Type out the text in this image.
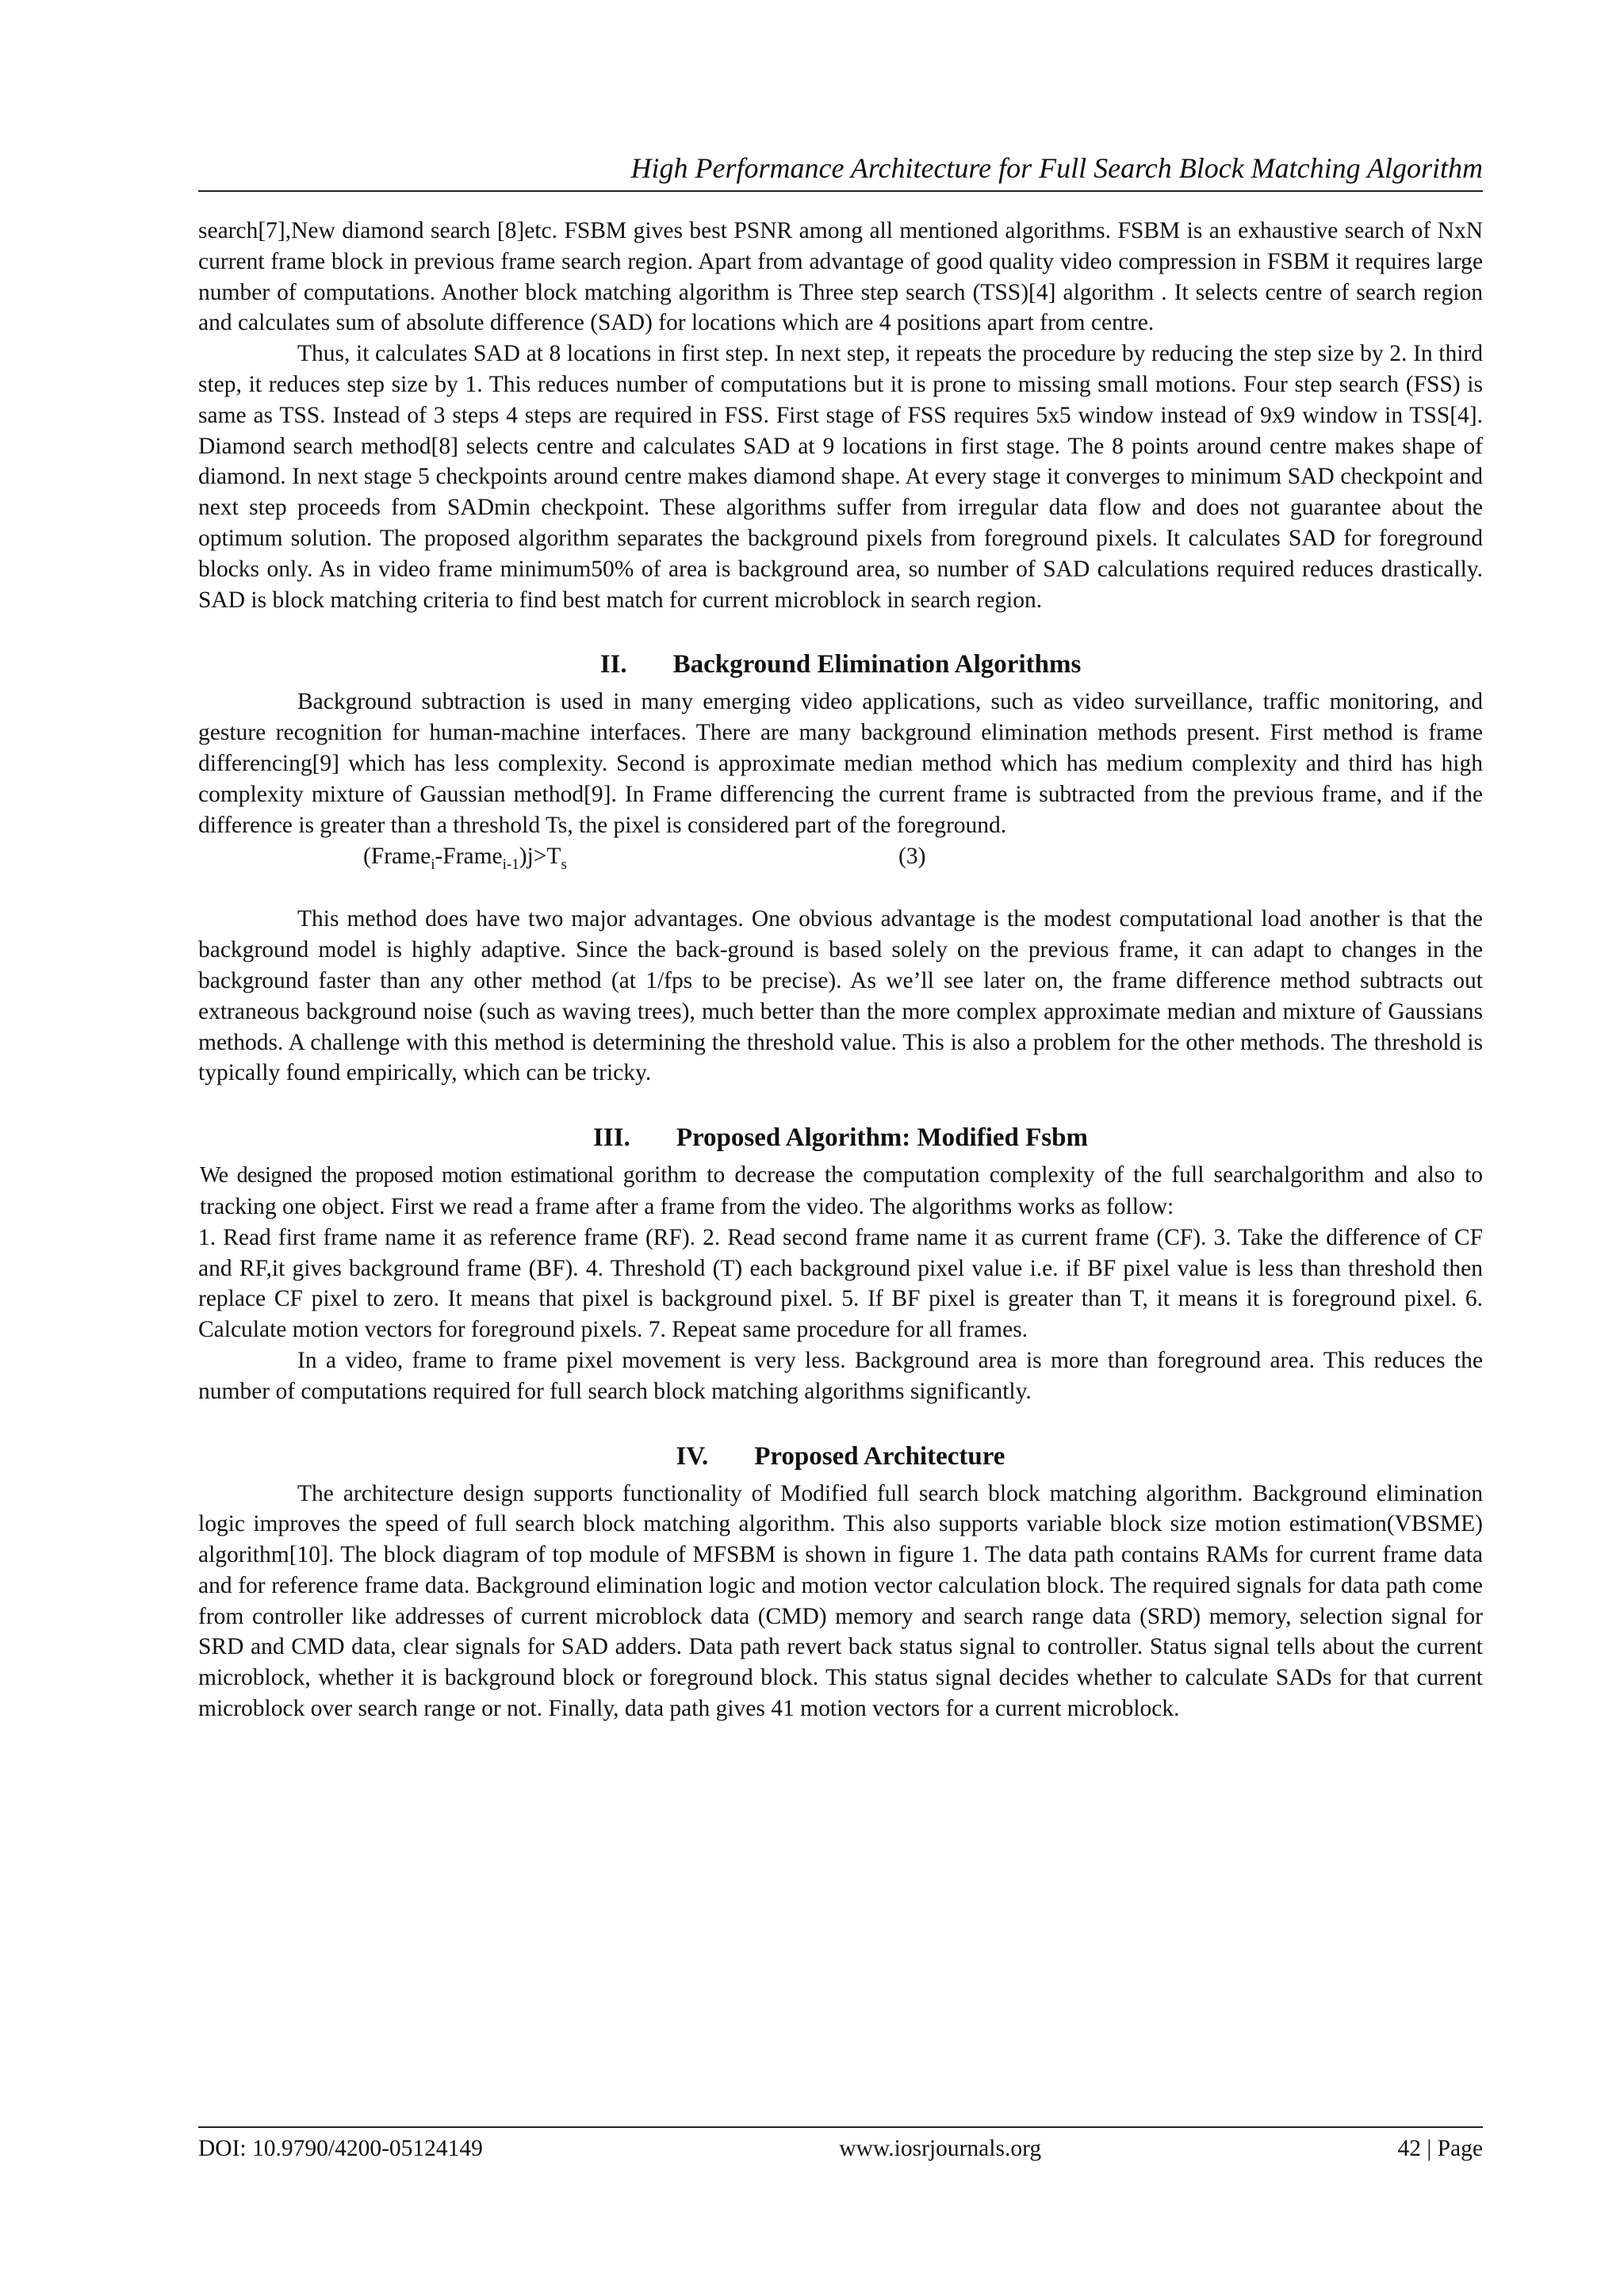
High Performance Architecture for Full Search Block Matching Algorithm

search[7],New diamond search [8]etc. FSBM gives best PSNR among all mentioned algorithms. FSBM is an exhaustive search of NxN current frame block in previous frame search region. Apart from advantage of good quality video compression in FSBM it requires large number of computations. Another block matching algorithm is Three step search (TSS)[4] algorithm . It selects centre of search region and calculates sum of absolute difference (SAD) for locations which are 4 positions apart from centre.

Thus, it calculates SAD at 8 locations in first step. In next step, it repeats the procedure by reducing the step size by 2. In third step, it reduces step size by 1. This reduces number of computations but it is prone to missing small motions. Four step search (FSS) is same as TSS. Instead of 3 steps 4 steps are required in FSS. First stage of FSS requires 5x5 window instead of 9x9 window in TSS[4]. Diamond search method[8] selects centre and calculates SAD at 9 locations in first stage. The 8 points around centre makes shape of diamond. In next stage 5 checkpoints around centre makes diamond shape. At every stage it converges to minimum SAD checkpoint and next step proceeds from SADmin checkpoint. These algorithms suffer from irregular data flow and does not guarantee about the optimum solution. The proposed algorithm separates the background pixels from foreground pixels. It calculates SAD for foreground blocks only. As in video frame minimum50% of area is background area, so number of SAD calculations required reduces drastically. SAD is block matching criteria to find best match for current microblock in search region.

II. Background Elimination Algorithms

Background subtraction is used in many emerging video applications, such as video surveillance, traffic monitoring, and gesture recognition for human-machine interfaces. There are many background elimination methods present. First method is frame differencing[9] which has less complexity. Second is approximate median method which has medium complexity and third has high complexity mixture of Gaussian method[9]. In Frame differencing the current frame is subtracted from the previous frame, and if the difference is greater than a threshold Ts, the pixel is considered part of the foreground.

$(Frame_i-Frame_{i-1})j>T_s$	(3)

This method does have two major advantages. One obvious advantage is the modest computational load another is that the background model is highly adaptive. Since the back-ground is based solely on the previous frame, it can adapt to changes in the background faster than any other method (at 1/fps to be precise). As we’ll see later on, the frame difference method subtracts out extraneous background noise (such as waving trees), much better than the more complex approximate median and mixture of Gaussians methods. A challenge with this method is determining the threshold value. This is also a problem for the other methods. The threshold is typically found empirically, which can be tricky.

III. Proposed Algorithm: Modified Fsbm

We designed the proposed motion estimational gorithm to decrease the computation complexity of the full searchalgorithm and also to tracking one object. First we read a frame after a frame from the video. The algorithms works as follow:

1. Read first frame name it as reference frame (RF). 2. Read second frame name it as current frame (CF). 3. Take the difference of CF and RF,it gives background frame (BF). 4. Threshold (T) each background pixel value i.e. if BF pixel value is less than threshold then replace CF pixel to zero. It means that pixel is background pixel. 5. If BF pixel is greater than T, it means it is foreground pixel. 6. Calculate motion vectors for foreground pixels. 7. Repeat same procedure for all frames.

In a video, frame to frame pixel movement is very less. Background area is more than foreground area. This reduces the number of computations required for full search block matching algorithms significantly.

IV. Proposed Architecture

The architecture design supports functionality of Modified full search block matching algorithm. Background elimination logic improves the speed of full search block matching algorithm. This also supports variable block size motion estimation(VBSME) algorithm[10]. The block diagram of top module of MFSBM is shown in figure 1. The data path contains RAMs for current frame data and for reference frame data. Background elimination logic and motion vector calculation block. The required signals for data path come from controller like addresses of current microblock data (CMD) memory and search range data (SRD) memory, selection signal for SRD and CMD data, clear signals for SAD adders. Data path revert back status signal to controller. Status signal tells about the current microblock, whether it is background block or foreground block. This status signal decides whether to calculate SADs for that current microblock over search range or not. Finally, data path gives 41 motion vectors for a current microblock.

DOI: 10.9790/4200-05124149	www.iosrjournals.org	42 | Page
